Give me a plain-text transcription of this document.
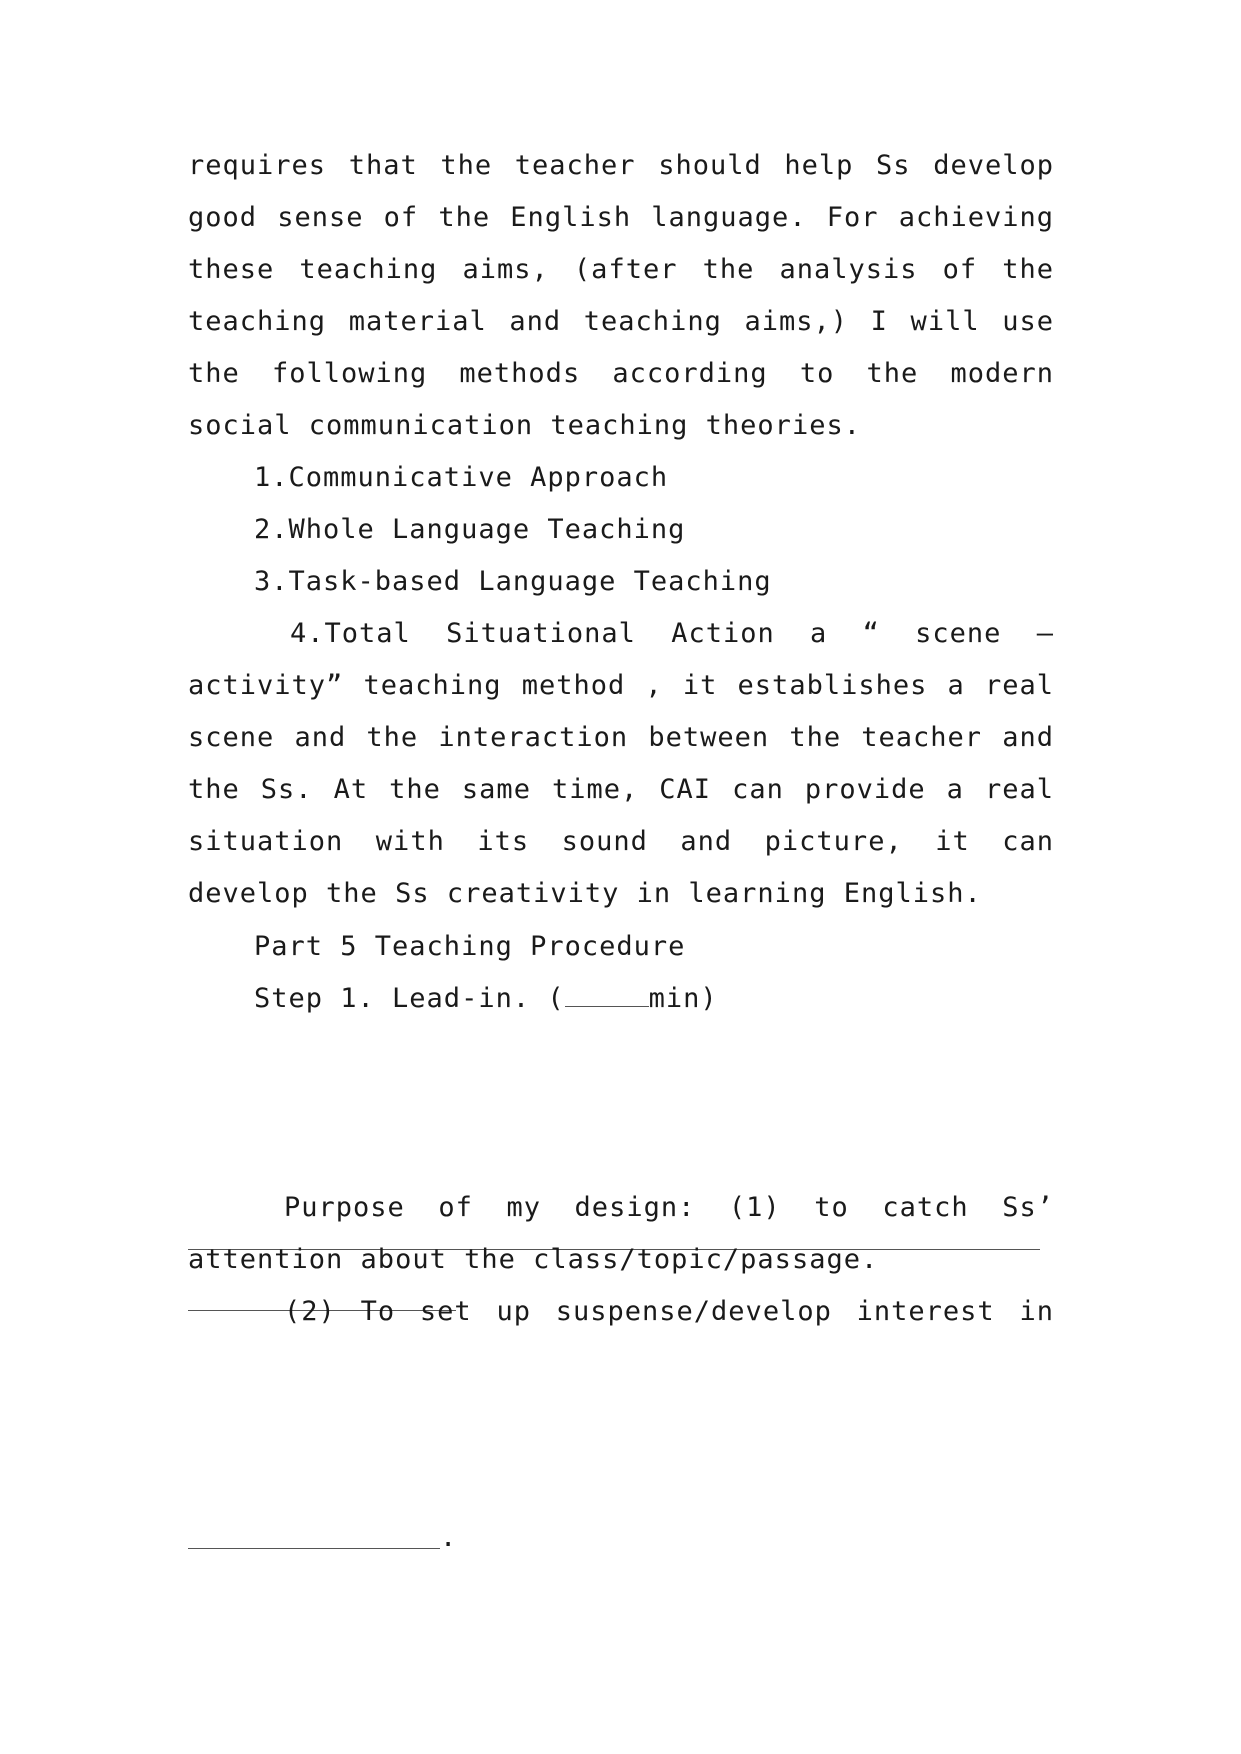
requires that the teacher should help Ss develop
good sense of the English language. For achieving
these teaching aims, (after the analysis of the
teaching material and teaching aims,) I will use
the following methods according to the modern
social communication teaching theories.
1.Communicative Approach
2.Whole Language Teaching
3.Task-based Language Teaching
4.Total Situational Action a “ scene —
activity” teaching method , it establishes a real
scene and the interaction between the teacher and
the Ss. At the same time, CAI can provide a real
situation with its sound and picture, it can
develop the Ss creativity in learning English.
Part 5 Teaching Procedure
Step 1. Lead-in. (	min)
Purpose of my design: (1) to catch Ss’
attention about the class/topic/passage.
(2) To set up suspense/develop interest in
.
